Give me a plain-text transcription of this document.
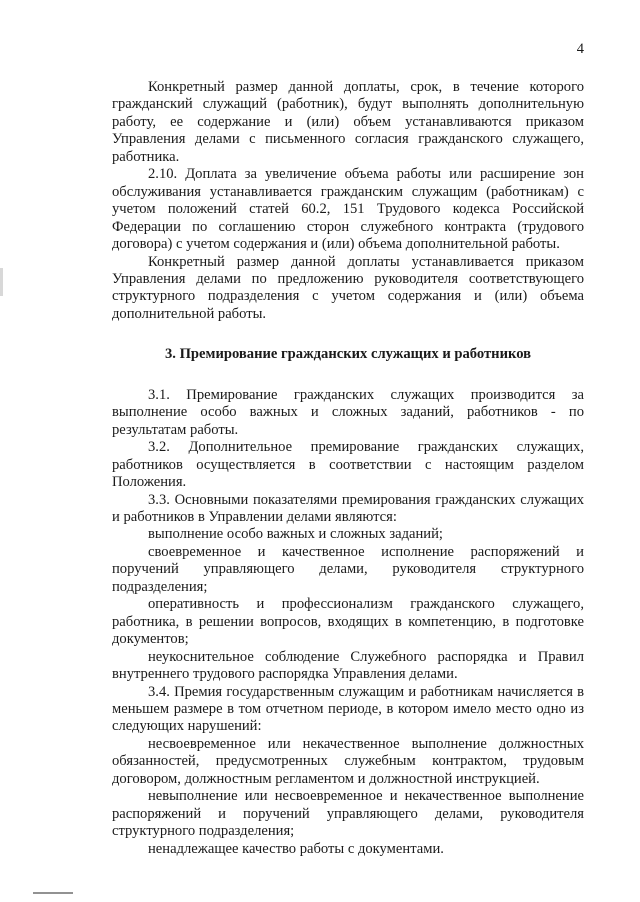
4

Конкретный размер данной доплаты, срок, в течение которого гражданский служащий (работник), будут выполнять дополнительную работу, ее содержание и (или) объем устанавливаются приказом Управления делами с письменного согласия гражданского служащего, работника.

2.10. Доплата за увеличение объема работы или расширение зон обслуживания устанавливается гражданским служащим (работникам) с учетом положений статей 60.2, 151 Трудового кодекса Российской Федерации по соглашению сторон служебного контракта (трудового договора) с учетом содержания и (или) объема дополнительной работы.

Конкретный размер данной доплаты устанавливается приказом Управления делами по предложению руководителя соответствующего структурного подразделения с учетом содержания и (или) объема дополнительной работы.

3. Премирование гражданских служащих и работников

3.1. Премирование гражданских служащих производится за выполнение особо важных и сложных заданий, работников - по результатам работы.

3.2. Дополнительное премирование гражданских служащих, работников осуществляется в соответствии с настоящим разделом Положения.

3.3. Основными показателями премирования гражданских служащих и работников в Управлении делами являются:

выполнение особо важных и сложных заданий;

своевременное и качественное исполнение распоряжений и поручений управляющего делами, руководителя структурного подразделения;

оперативность и профессионализм гражданского служащего, работника, в решении вопросов, входящих в компетенцию, в подготовке документов;

неукоснительное соблюдение Служебного распорядка и Правил внутреннего трудового распорядка Управления делами.

3.4. Премия государственным служащим и работникам начисляется в меньшем размере в том отчетном периоде, в котором имело место одно из следующих нарушений:

несвоевременное или некачественное выполнение должностных обязанностей, предусмотренных служебным контрактом, трудовым договором, должностным регламентом и должностной инструкцией.

невыполнение или несвоевременное и некачественное выполнение распоряжений и поручений управляющего делами, руководителя структурного подразделения;

ненадлежащее качество работы с документами.
